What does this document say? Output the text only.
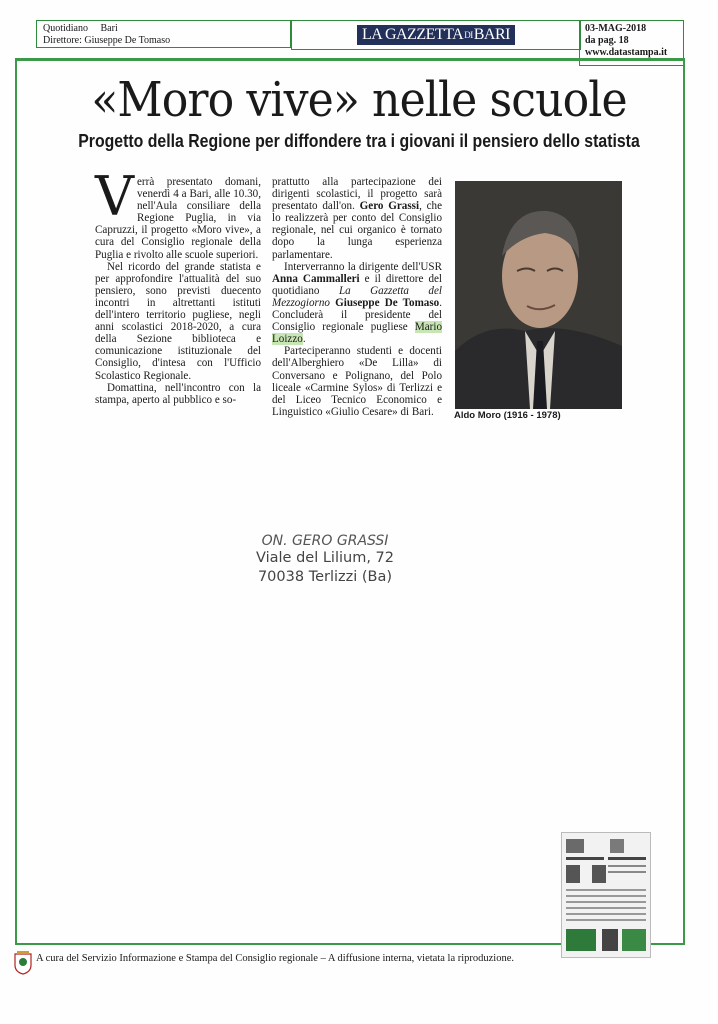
Quotidiano Bari
Direttore: Giuseppe De Tomaso	LA GAZZETTADIBARI	03-MAG-2018
da pag. 18
www.datastampa.it
«Moro vive» nelle scuole
Progetto della Regione per diffondere tra i giovani il pensiero dello statista

Verrà presentato domani, venerdì 4 a Bari, alle 10.30, nell'Aula consiliare della Regione Puglia, in via Capruzzi, il progetto «Moro vive», a cura del Consiglio regionale della Puglia e rivolto alle scuole superiori.

Nel ricordo del grande statista e per approfondire l'attualità del suo pensiero, sono previsti duecento incontri in altrettanti istituti dell'intero territorio pugliese, negli anni scolastici 2018-2020, a cura della Sezione biblioteca e comunicazione istituzionale del Consiglio, d'intesa con l'Ufficio Scolastico Regionale.

Domattina, nell'incontro con la stampa, aperto al pubblico e so-

prattutto alla partecipazione dei dirigenti scolastici, il progetto sarà presentato dall'on. Gero Grassi, che lo realizzerà per conto del Consiglio regionale, nel cui organico è tornato dopo la lunga esperienza parlamentare.

Interverranno la dirigente dell'USR Anna Cammalleri e il direttore del quotidiano La Gazzetta del Mezzogiorno Giuseppe De Tomaso. Concluderà il presidente del Consiglio regionale pugliese Mario Loizzo.

Parteciperanno studenti e docenti dell'Alberghiero «De Lilla» di Conversano e Polignano, del Polo liceale «Carmine Sylos» di Terlizzi e del Liceo Tecnico Economico e Linguistico «Giulio Cesare» di Bari.	Aldo Moro (1916 - 1978)
ON. GERO GRASSI
Viale del Lilium, 72
70038 Terlizzi (Ba)
A cura del Servizio Informazione e Stampa del Consiglio regionale – A diffusione interna, vietata la riproduzione.
